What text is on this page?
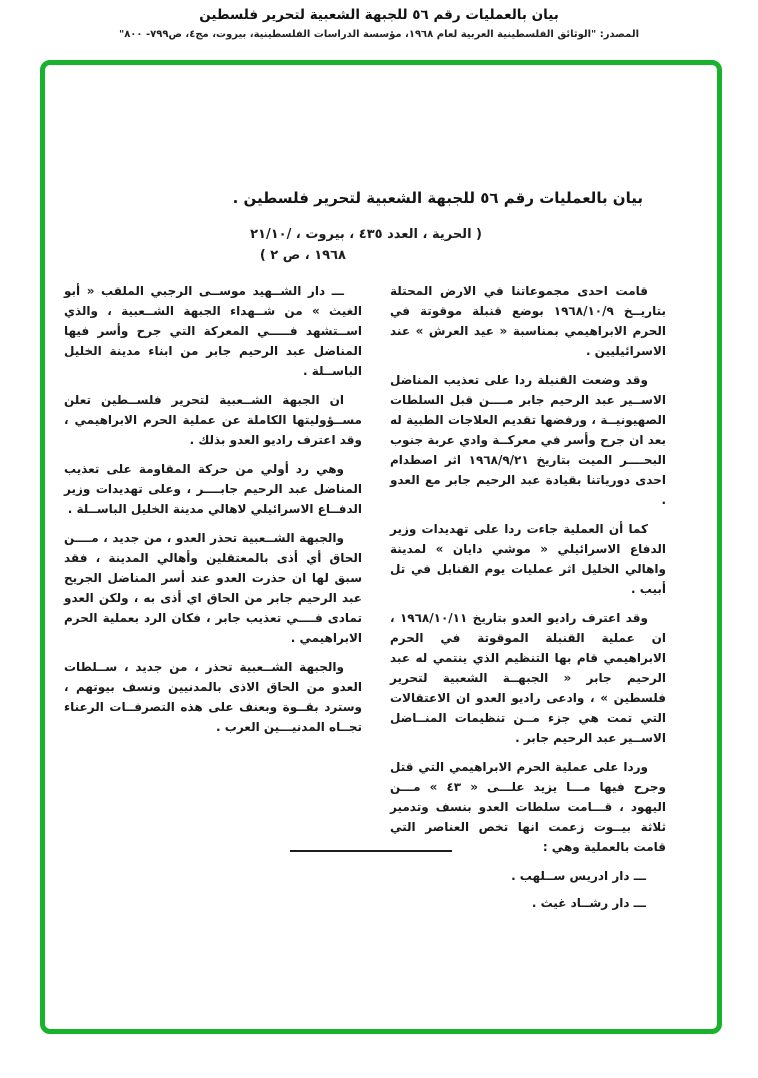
بيان بالعمليات رقم ٥٦ للجبهة الشعبية لتحرير فلسطين
المصدر: "الوثائق الفلسطينية العربية لعام ١٩٦٨، مؤسسة الدراسات الفلسطينية، بيروت، مج٤، ص٧٩٩- ٨٠٠"
بيان بالعمليات رقم ٥٦ للجبهة الشعبية لتحرير فلسطين .
( الحرية ، العدد ٤٣٥ ، بيروت ، ٢١/١٠/
١٩٦٨ ، ص ٢ )

قامت احدى مجموعاتنا في الارض المحتلة بتاريــخ ١٩٦٨/١٠/٩ بوضع قنبلة موقوتة في الحرم الابراهيمي بمناسبة « عيد العرش » عند الاسرائيليين .

وقد وضعت القنبلة ردا على تعذيب المناضل الاســير عبد الرحيم جابر مــــن قبل السلطات الصهيونيــة ، ورفضها تقديم العلاجات الطبية له بعد ان جرح وأسر في معركــة وادي عربة جنوب البحــــر الميت بتاريخ ١٩٦٨/٩/٢١ اثر اصطدام احدى دورياتنا بقيادة عبد الرحيم جابر مع العدو .

كما أن العملية جاءت ردا على تهديدات وزير الدفاع الاسرائيلي « موشي دايان » لمدينة واهالي الخليل اثر عمليات يوم القنابل في تل أبيب .

وقد اعترف راديو العدو بتاريخ ١٩٦٨/١٠/١١ ، ان عملية القنبلة الموقوتة في الحرم الابراهيمي قام بها التنظيم الذي ينتمي له عبد الرحيم جابر « الجبهــة الشعبية لتحرير فلسطين » ، وادعى راديو العدو ان الاعتقالات التي تمت هي جزء مــن تنظيمات المنــاضل الاســير عبد الرحيم جابر .

وردا على عملية الحرم الابراهيمي التي قتل وجرح فيها مـــا يزيد علـــى « ٤٣ » مـــن اليهود ، قـــامت سلطات العدو بنسف وتدمير ثلاثة بيــوت زعمت انها تخص العناصر التي قامت بالعملية وهي :

ـــ دار ادريس ســلهب .

ـــ دار رشــاد غيث .

ـــ دار الشــهيد موســى الرجبي الملقب « أبو الغيث » من شــهداء الجبهة الشــعبية ، والذي اســتشهد فـــــي المعركة التي جرح وأسر فيها المناضل عبد الرحيم جابر من ابناء مدينة الخليل الباســلة .

ان الجبهة الشــعبية لتحرير فلســطين تعلن مســؤوليتها الكاملة عن عملية الحرم الابراهيمي ، وقد اعترف راديو العدو بذلك .

وهي رد أولي من حركة المقاومة على تعذيب المناضل عبد الرحيم جابــــر ، وعلى تهديدات وزير الدفــاع الاسرائيلي لاهالي مدينة الخليل الباســلة .

والجبهة الشــعبية تحذر العدو ، من جديد ، مــــن الحاق أي أذى بالمعتقلين وأهالي المدينة ، فقد سبق لها ان حذرت العدو عند أسر المناضل الجريح عبد الرحيم جابر من الحاق اي أذى به ، ولكن العدو تمادى فــــي تعذيب جابر ، فكان الرد بعملية الحرم الابراهيمي .

والجبهة الشــعبية تحذر ، من جديد ، ســلطات العدو من الحاق الاذى بالمدنيين ونسف بيوتهم ، وسترد بقــوة وبعنف على هذه التصرفــات الرعناء تجــاه المدنيـــين العرب .
